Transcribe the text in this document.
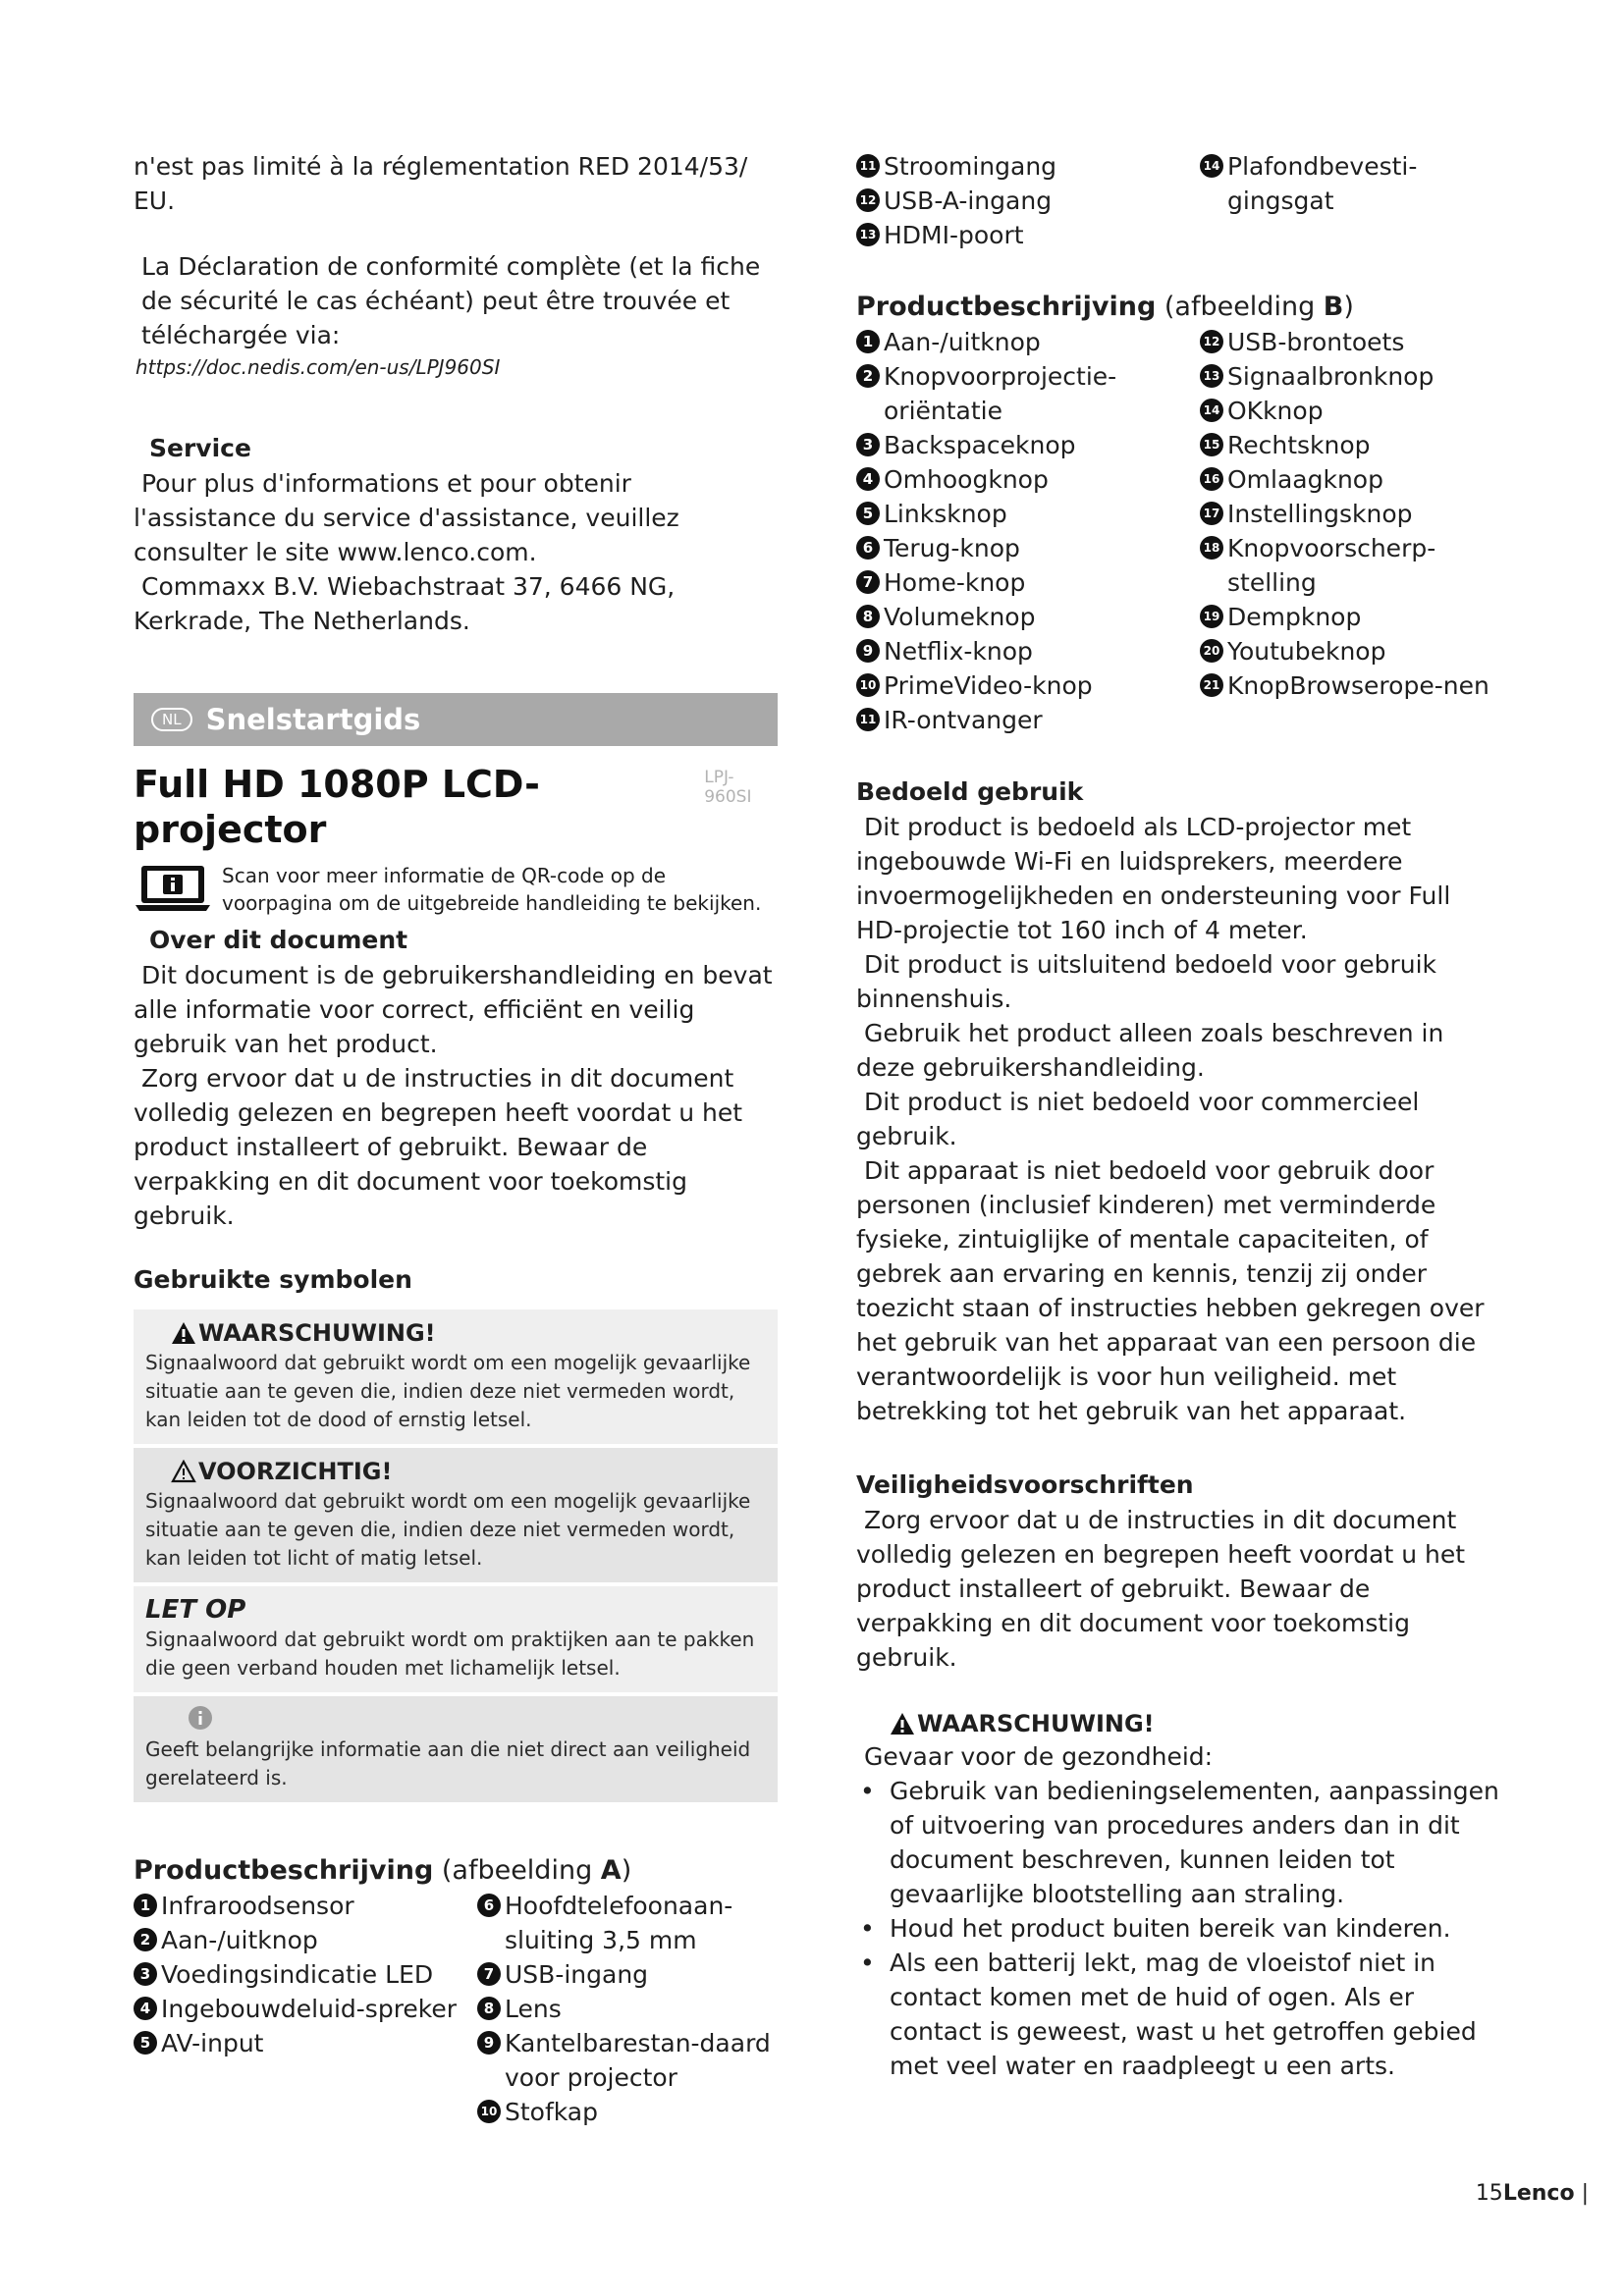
n'est pas limité à la réglementation RED 2014/53/

EU.

La Déclaration de conformité complète (et la fiche de sécurité le cas échéant) peut être trouvée et téléchargée via:

https://doc.nedis.com/en-us/LPJ960SI

Service

Pour plus d'informations et pour obtenir l'assistance du service d'assistance, veuillez consulter le site www.lenco.com.

Commaxx B.V. Wiebachstraat 37, 6466 NG, Kerkrade, The Netherlands.

NL Snelstartgids
Full HD 1080P LCD-projector
LPJ-960SI

Scan voor meer informatie de QR-code op de voorpagina om de uitgebreide handleiding te bekijken.

Over dit document

Dit document is de gebruikershandleiding en bevat alle informatie voor correct, efficiënt en veilig gebruik van het product.

Zorg ervoor dat u de instructies in dit document volledig gelezen en begrepen heeft voordat u het product installeert of gebruikt. Bewaar de verpakking en dit document voor toekomstig gebruik.

Gebruikte symbolen
WAARSCHUWING!

Signaalwoord dat gebruikt wordt om een mogelijk gevaarlijke situatie aan te geven die, indien deze niet vermeden wordt, kan leiden tot de dood of ernstig letsel.

VOORZICHTIG!

Signaalwoord dat gebruikt wordt om een mogelijk gevaarlijke situatie aan te geven die, indien deze niet vermeden wordt, kan leiden tot licht of matig letsel.

LET OP

Signaalwoord dat gebruikt wordt om praktijken aan te pakken die geen verband houden met lichamelijk letsel.

Geeft belangrijke informatie aan die niet direct aan veiligheid gerelateerd is.

Productbeschrijving (afbeelding A)
1 Infraroodsensor
2 Aan-/uitknop
3 Voedingsindicatie LED
4 Ingebouwdeluid-spreker
5 AV-input
6 Hoofdtelefoonaan-sluiting 3,5 mm
7 USB-ingang
8 Lens
9 Kantelbarestan-daard voor projector
10 Stofkap
11 Stroomingang
12 USB-A-ingang
13 HDMI-poort
14 Plafondbevesti-gingsgat
Productbeschrijving (afbeelding B)
1 Aan-/uitknop
2 Knopvoorprojectie-oriëntatie
3 Backspaceknop
4 Omhoogknop
5 Linksknop
6 Terug-knop
7 Home-knop
8 Volumeknop
9 Netflix-knop
10 PrimeVideo-knop
11 IR-ontvanger
12 USB-brontoets
13 Signaalbronknop
14 OKknop
15 Rechtsknop
16 Omlaagknop
17 Instellingsknop
18 Knopvoorscherp-stelling
19 Dempknop
20 Youtubeknop
21 KnopBrowserope-nen
Bedoeld gebruik

Dit product is bedoeld als LCD-projector met ingebouwde Wi-Fi en luidsprekers, meerdere invoermogelijkheden en ondersteuning voor Full HD-projectie tot 160 inch of 4 meter.

Dit product is uitsluitend bedoeld voor gebruik binnenshuis.

Gebruik het product alleen zoals beschreven in deze gebruikershandleiding.

Dit product is niet bedoeld voor commercieel gebruik.

Dit apparaat is niet bedoeld voor gebruik door personen (inclusief kinderen) met verminderde fysieke, zintuiglijke of mentale capaciteiten, of gebrek aan ervaring en kennis, tenzij zij onder toezicht staan of instructies hebben gekregen over het gebruik van het apparaat van een persoon die verantwoordelijk is voor hun veiligheid. met betrekking tot het gebruik van het apparaat.

Veiligheidsvoorschriften

Zorg ervoor dat u de instructies in dit document volledig gelezen en begrepen heeft voordat u het product installeert of gebruikt. Bewaar de verpakking en dit document voor toekomstig gebruik.

WAARSCHUWING!

Gevaar voor de gezondheid:

• Gebruik van bedieningselementen, aanpassingen of uitvoering van procedures anders dan in dit document beschreven, kunnen leiden tot gevaarlijke blootstelling aan straling.
• Houd het product buiten bereik van kinderen.
• Als een batterij lekt, mag de vloeistof niet in contact komen met de huid of ogen. Als er contact is geweest, wast u het getroffen gebied met veel water en raadpleegt u een arts.
15Lenco |
